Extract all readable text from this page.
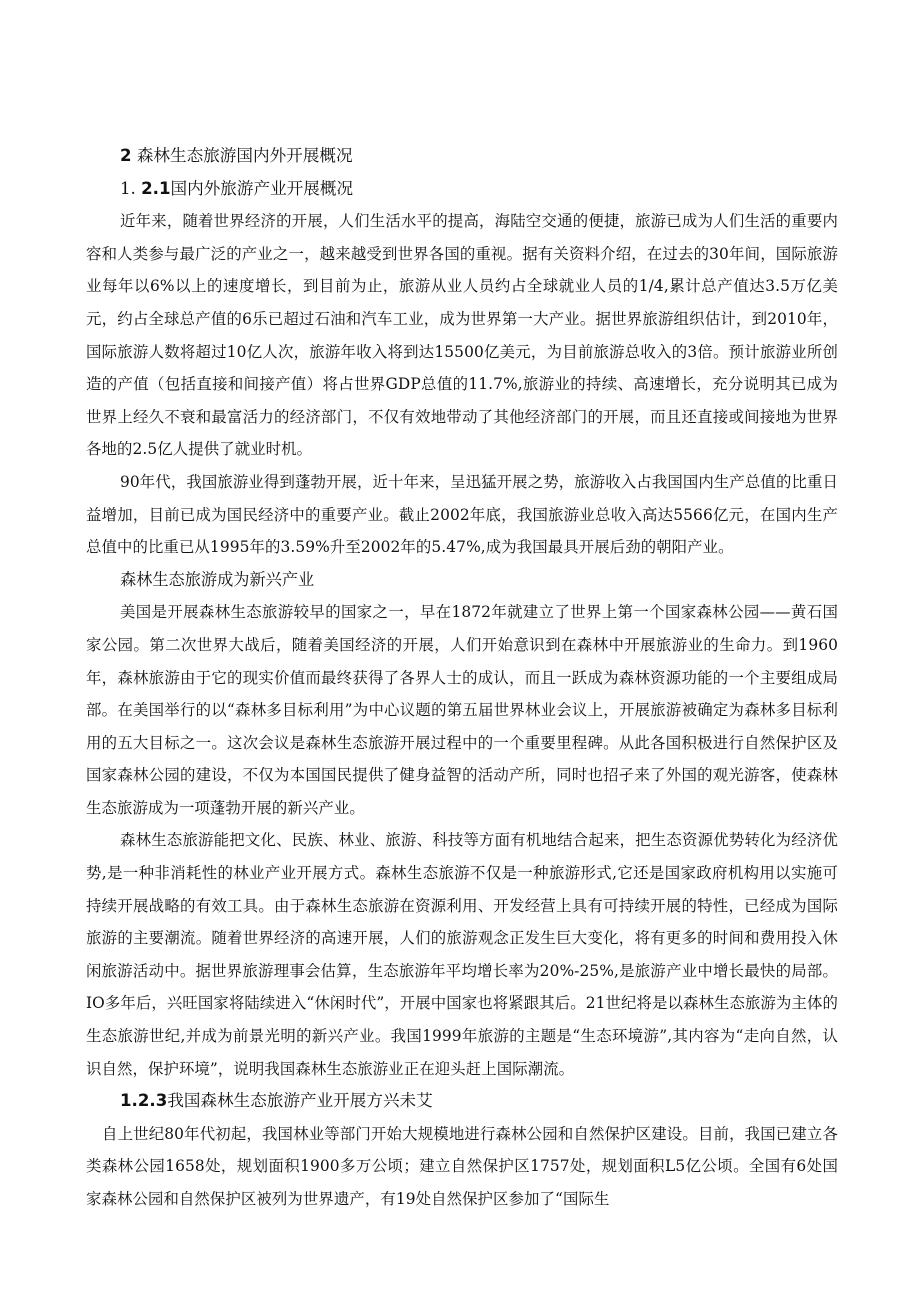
2 森林生态旅游国内外开展概况

1. 2.1国内外旅游产业开展概况

近年来，随着世界经济的开展，人们生活水平的提高，海陆空交通的便捷，旅游已成为人们生活的重要内容和人类参与最广泛的产业之一，越来越受到世界各国的重视。据有关资料介绍，在过去的30年间，国际旅游业每年以6%以上的速度增长，到目前为止，旅游从业人员约占全球就业人员的1/4,累计总产值达3.5万亿美元，约占全球总产值的6乐已超过石油和汽车工业，成为世界第一大产业。据世界旅游组织估计，到2010年，国际旅游人数将超过10亿人次，旅游年收入将到达15500亿美元，为目前旅游总收入的3倍。预计旅游业所创造的产值（包括直接和间接产值）将占世界GDP总值的11.7%,旅游业的持续、高速增长，充分说明其已成为世界上经久不衰和最富活力的经济部门，不仅有效地带动了其他经济部门的开展，而且还直接或间接地为世界各地的2.5亿人提供了就业时机。

90年代，我国旅游业得到蓬勃开展，近十年来，呈迅猛开展之势，旅游收入占我国国内生产总值的比重日益增加，目前已成为国民经济中的重要产业。截止2002年底，我国旅游业总收入高达5566亿元，在国内生产总值中的比重已从1995年的3.59%升至2002年的5.47%,成为我国最具开展后劲的朝阳产业。

森林生态旅游成为新兴产业

美国是开展森林生态旅游较早的国家之一，早在1872年就建立了世界上第一个国家森林公园——黄石国家公园。第二次世界大战后，随着美国经济的开展，人们开始意识到在森林中开展旅游业的生命力。到1960年，森林旅游由于它的现实价值而最终获得了各界人士的成认，而且一跃成为森林资源功能的一个主要组成局部。在美国举行的以“森林多目标利用”为中心议题的第五届世界林业会议上，开展旅游被确定为森林多目标利用的五大目标之一。这次会议是森林生态旅游开展过程中的一个重要里程碑。从此各国积极进行自然保护区及国家森林公园的建设，不仅为本国国民提供了健身益智的活动产所，同时也招孑来了外国的观光游客，使森林生态旅游成为一项蓬勃开展的新兴产业。

森林生态旅游能把文化、民族、林业、旅游、科技等方面有机地结合起来，把生态资源优势转化为经济优势,是一种非消耗性的林业产业开展方式。森林生态旅游不仅是一种旅游形式,它还是国家政府机构用以实施可持续开展战略的有效工具。由于森林生态旅游在资源利用、开发经营上具有可持续开展的特性，已经成为国际旅游的主要潮流。随着世界经济的高速开展，人们的旅游观念正发生巨大变化，将有更多的时间和费用投入休闲旅游活动中。据世界旅游理事会估算，生态旅游年平均增长率为20%-25%,是旅游产业中增长最快的局部。IO多年后，兴旺国家将陆续进入“休闲时代”，开展中国家也将紧跟其后。21世纪将是以森林生态旅游为主体的生态旅游世纪,并成为前景光明的新兴产业。我国1999年旅游的主题是“生态环境游”,其内容为“走向自然，认识自然，保护环境”，说明我国森林生态旅游业正在迎头赶上国际潮流。

1.2.3我国森林生态旅游产业开展方兴未艾

自上世纪80年代初起，我国林业等部门开始大规模地进行森林公园和自然保护区建设。目前，我国已建立各类森林公园1658处，规划面积1900多万公顷；建立自然保护区1757处，规划面积L5亿公顷。全国有6处国家森林公园和自然保护区被列为世界遗产，有19处自然保护区参加了“国际生
